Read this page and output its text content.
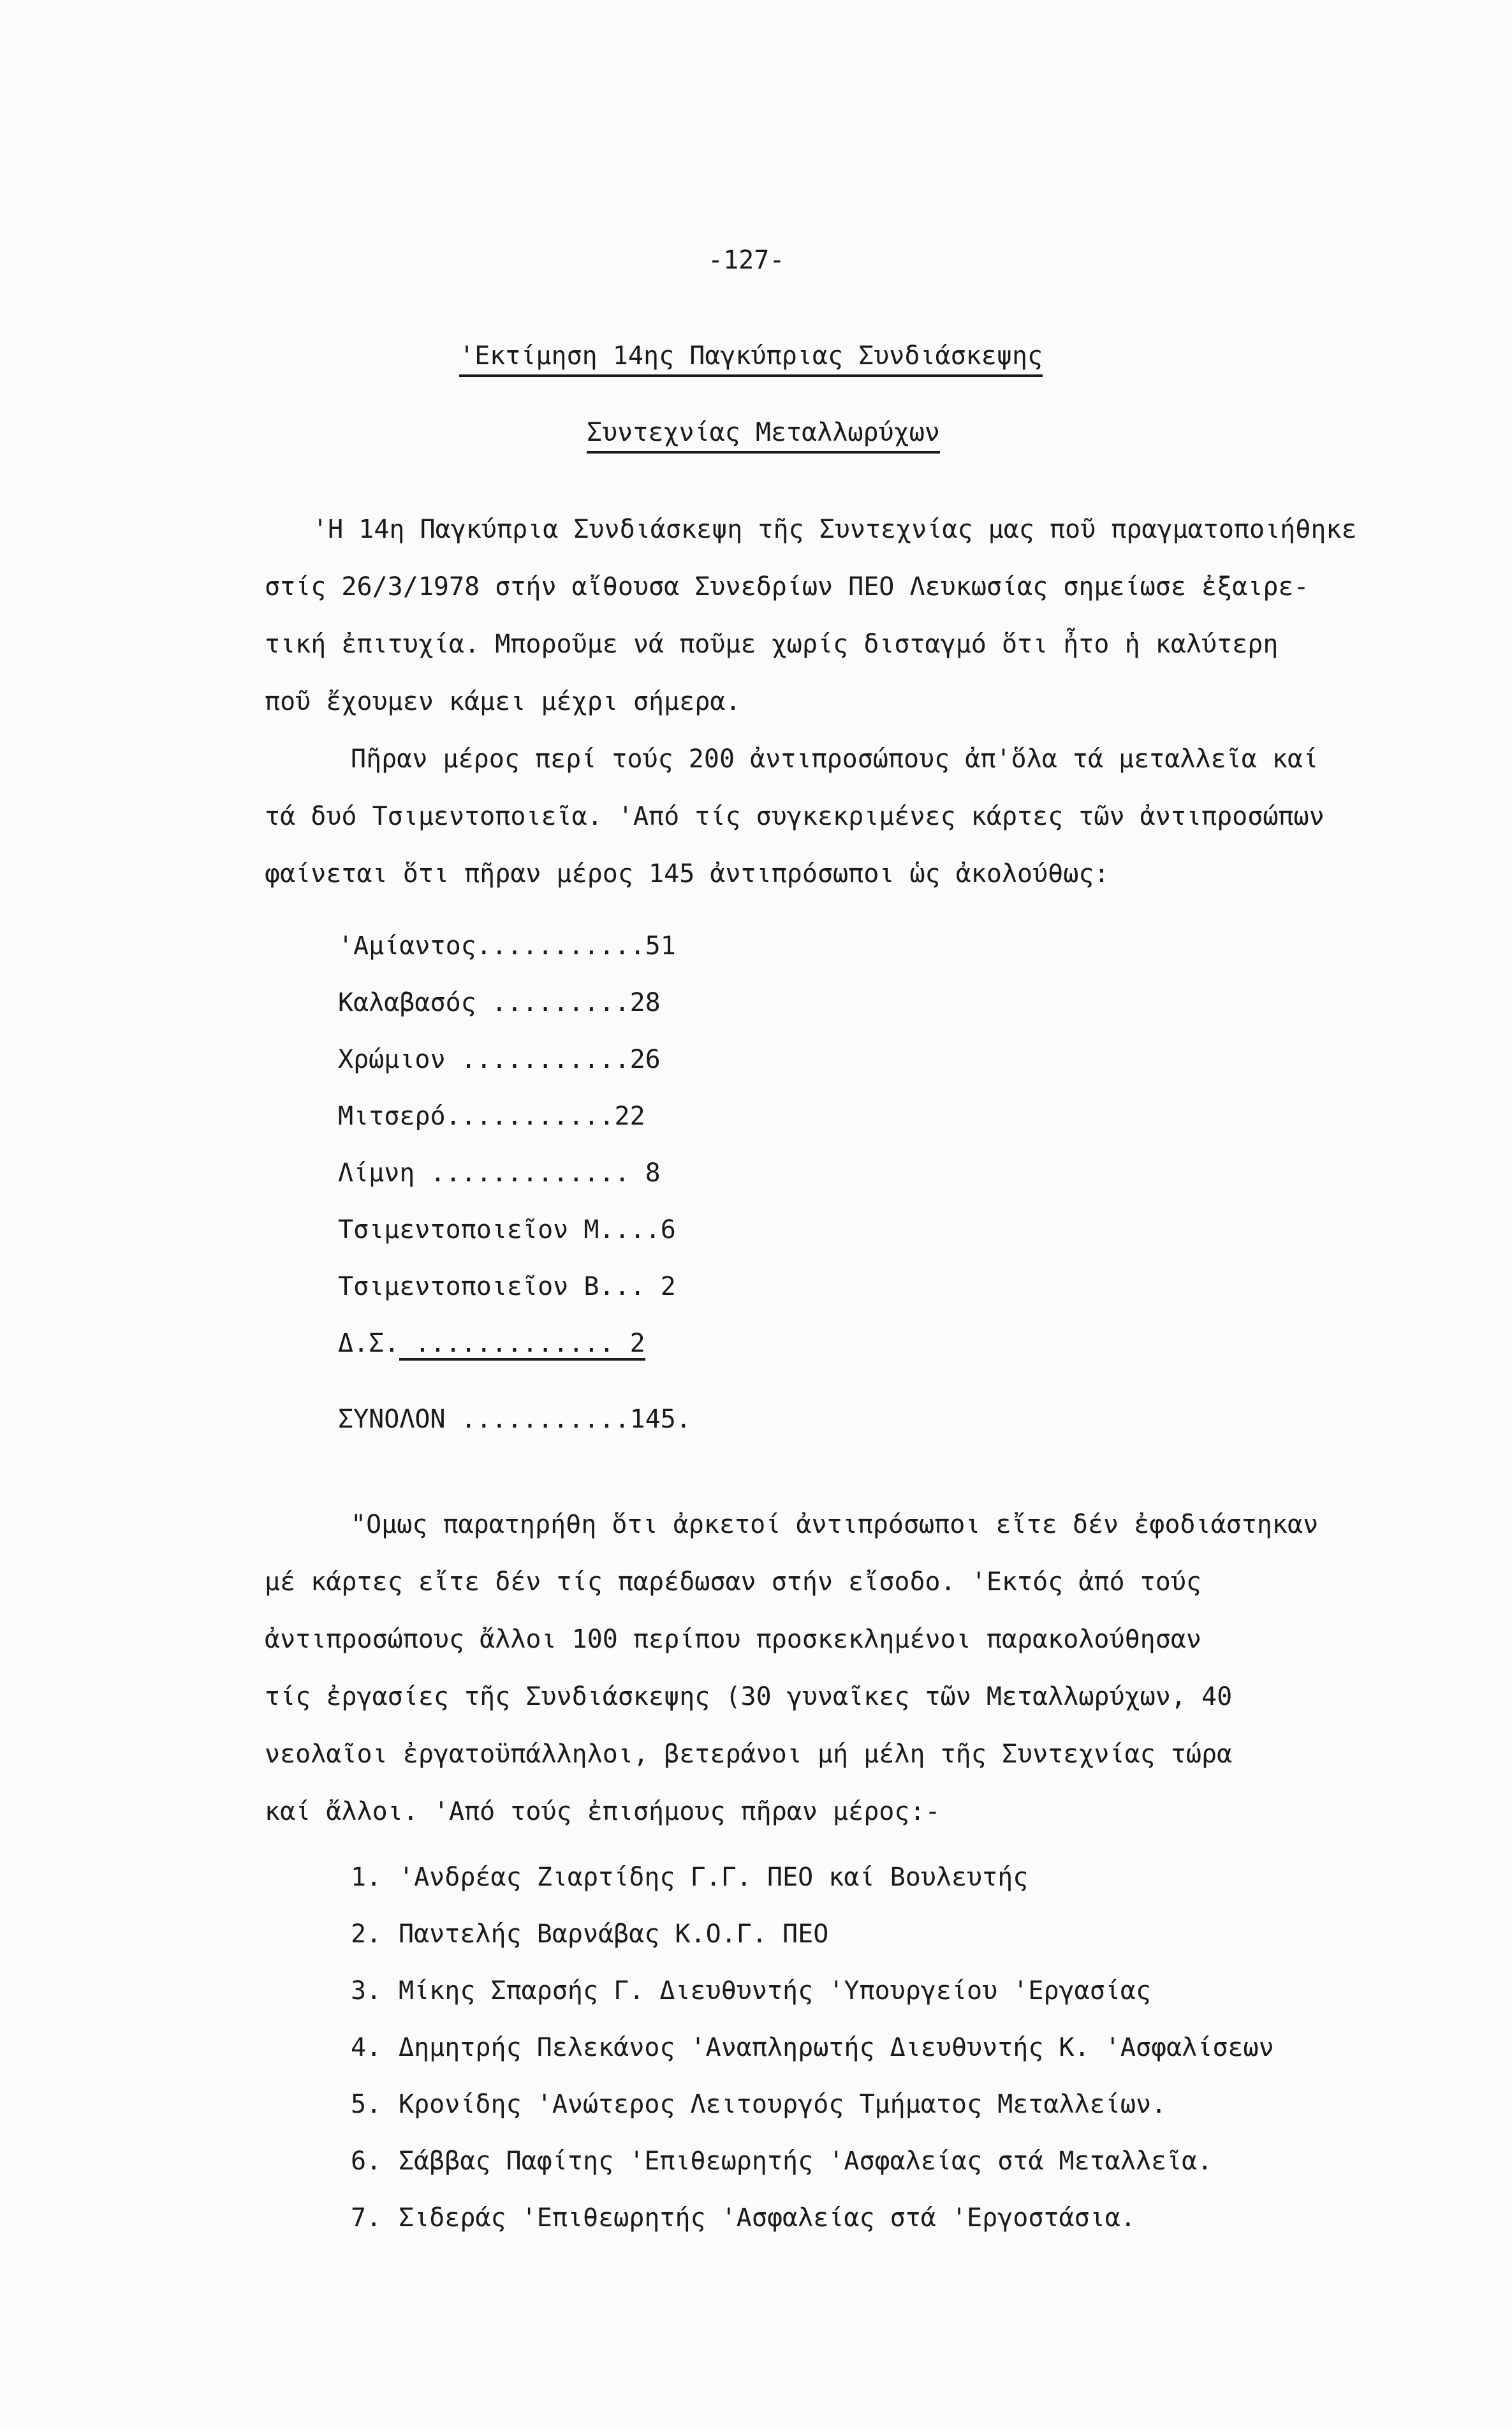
-127-
'Εκτίμηση 14ης Παγκύπριας Συνδιάσκεψης
Συντεχνίας Μεταλλωρύχων
'Η 14η Παγκύπρια Συνδιάσκεψη τῆς Συντεχνίας μας ποῦ πραγματοποιήθηκε
στίς 26/3/1978 στήν αἴθουσα Συνεδρίων ΠΕΟ Λευκωσίας σημείωσε ἐξαιρε-
τική ἐπιτυχία. Μποροῦμε νά ποῦμε χωρίς δισταγμό ὅτι ἦτο ἡ καλύτερη
ποῦ ἔχουμεν κάμει μέχρι σήμερα.
Πῆραν μέρος περί τούς 200 ἀντιπροσώπους ἀπ'ὅλα τά μεταλλεῖα καί
τά δυό Τσιμεντοποιεῖα. 'Από τίς συγκεκριμένες κάρτες τῶν ἀντιπροσώπων
φαίνεται ὅτι πῆραν μέρος 145 ἀντιπρόσωποι ὡς ἀκολούθως:
'Αμίαντος...........51
Καλαβασός .........28
Χρώμιον ...........26
Μιτσερό...........22
Λίμνη ............. 8
Τσιμεντοποιεῖον Μ....6
Τσιμεντοποιεῖον Β... 2
Δ.Σ. ............. 2
ΣΥΝΟΛΟΝ ...........145.
"Ομως παρατηρήθη ὅτι ἀρκετοί ἀντιπρόσωποι εἴτε δέν ἐφοδιάστηκαν
μέ κάρτες εἴτε δέν τίς παρέδωσαν στήν εἴσοδο. 'Εκτός ἀπό τούς
ἀντιπροσώπους ἄλλοι 100 περίπου προσκεκλημένοι παρακολούθησαν
τίς ἐργασίες τῆς Συνδιάσκεψης (30 γυναῖκες τῶν Μεταλλωρύχων, 40
νεολαῖοι ἐργατοϋπάλληλοι, βετεράνοι μή μέλη τῆς Συντεχνίας τώρα
καί ἄλλοι. 'Από τούς ἐπισήμους πῆραν μέρος:-
1. 'Ανδρέας Ζιαρτίδης Γ.Γ. ΠΕΟ καί Βουλευτής
2. Παντελής Βαρνάβας Κ.Ο.Γ. ΠΕΟ
3. Μίκης Σπαρσής Γ. Διευθυντής 'Υπουργείου 'Εργασίας
4. Δημητρής Πελεκάνος 'Αναπληρωτής Διευθυντής Κ. 'Ασφαλίσεων
5. Κρονίδης 'Ανώτερος Λειτουργός Τμήματος Μεταλλείων.
6. Σάββας Παφίτης 'Επιθεωρητής 'Ασφαλείας στά Μεταλλεῖα.
7. Σιδεράς 'Επιθεωρητής 'Ασφαλείας στά 'Εργοστάσια.
